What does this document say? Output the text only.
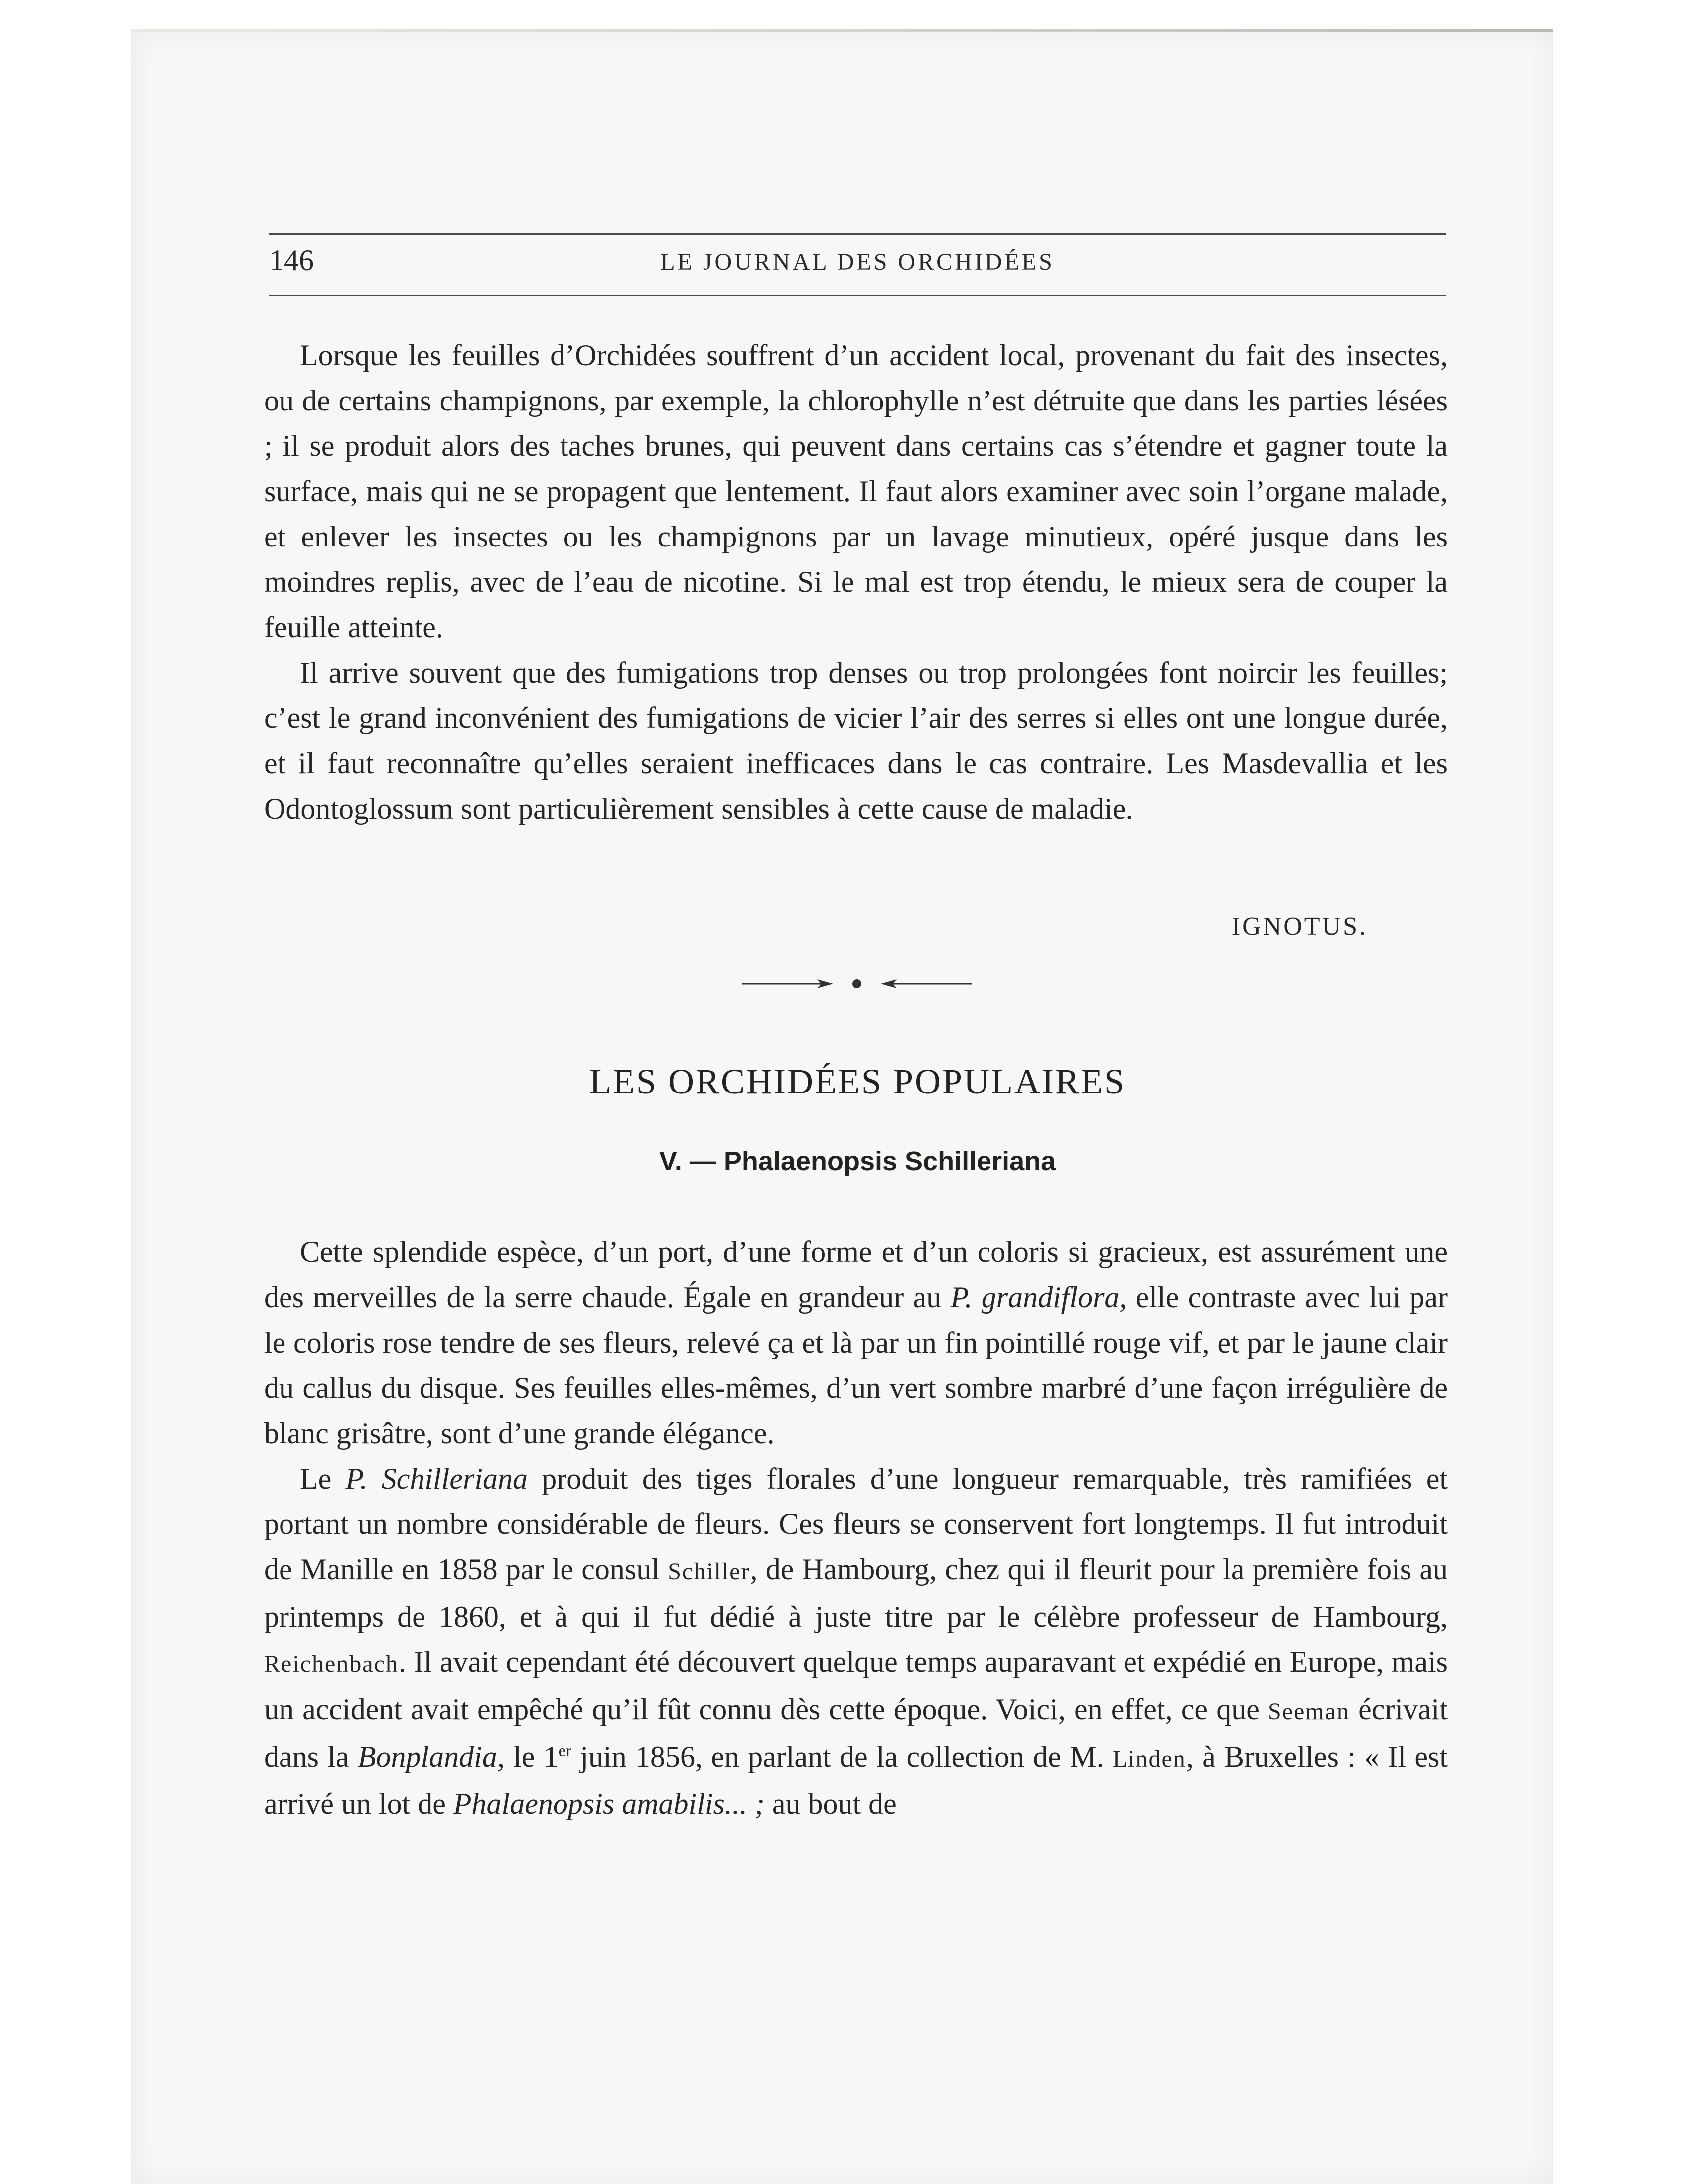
146	LE JOURNAL DES ORCHIDÉES

Lorsque les feuilles d’Orchidées souffrent d’un accident local, provenant du fait des insectes, ou de certains champignons, par exemple, la chlorophylle n’est détruite que dans les parties lésées ; il se produit alors des taches brunes, qui peuvent dans certains cas s’étendre et gagner toute la surface, mais qui ne se propagent que lentement. Il faut alors examiner avec soin l’organe malade, et enlever les insectes ou les champignons par un lavage minutieux, opéré jusque dans les moindres replis, avec de l’eau de nicotine. Si le mal est trop étendu, le mieux sera de couper la feuille atteinte.

Il arrive souvent que des fumigations trop denses ou trop prolongées font noircir les feuilles; c’est le grand inconvénient des fumigations de vicier l’air des serres si elles ont une longue durée, et il faut reconnaître qu’elles seraient inefficaces dans le cas contraire. Les Masdevallia et les Odontoglossum sont particulièrement sensibles à cette cause de maladie.

IGNOTUS.
LES ORCHIDÉES POPULAIRES
V. — Phalaenopsis Schilleriana

Cette splendide espèce, d’un port, d’une forme et d’un coloris si gracieux, est assurément une des merveilles de la serre chaude. Égale en grandeur au P. grandiflora, elle contraste avec lui par le coloris rose tendre de ses fleurs, relevé ça et là par un fin pointillé rouge vif, et par le jaune clair du callus du disque. Ses feuilles elles-mêmes, d’un vert sombre marbré d’une façon irrégulière de blanc grisâtre, sont d’une grande élégance.

Le P. Schilleriana produit des tiges florales d’une longueur remarquable, très ramifiées et portant un nombre considérable de fleurs. Ces fleurs se conservent fort longtemps. Il fut introduit de Manille en 1858 par le consul Schiller, de Hambourg, chez qui il fleurit pour la première fois au printemps de 1860, et à qui il fut dédié à juste titre par le célèbre professeur de Hambourg, Reichenbach. Il avait cependant été découvert quelque temps auparavant et expédié en Europe, mais un accident avait empêché qu’il fût connu dès cette époque. Voici, en effet, ce que Seeman écrivait dans la Bonplandia, le 1er juin 1856, en parlant de la collection de M. Linden, à Bruxelles : « Il est arrivé un lot de Phalaenopsis amabilis... ; au bout de
